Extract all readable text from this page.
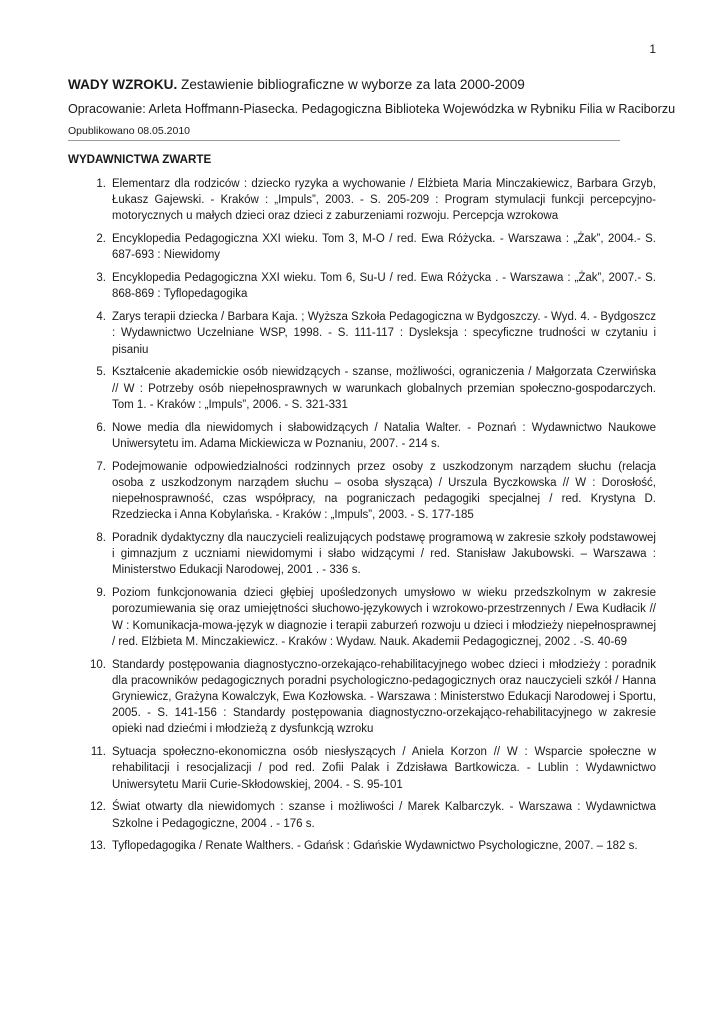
1
WADY WZROKU. Zestawienie bibliograficzne w wyborze za lata 2000-2009
Opracowanie: Arleta Hoffmann-Piasecka. Pedagogiczna Biblioteka Wojewódzka w Rybniku Filia w Raciborzu
Opublikowano 08.05.2010
WYDAWNICTWA ZWARTE
1. Elementarz dla rodziców : dziecko ryzyka a wychowanie / Elżbieta Maria Minczakiewicz, Barbara Grzyb, Łukasz Gajewski. - Kraków : „Impuls”, 2003. - S. 205-209 : Program stymulacji funkcji percepcyjno-motorycznych u małych dzieci oraz dzieci z zaburzeniami rozwoju. Percepcja wzrokowa
2. Encyklopedia Pedagogiczna XXI wieku. Tom 3, M-O / red. Ewa Różycka. - Warszawa : „Żak”, 2004.- S. 687-693 : Niewidomy
3. Encyklopedia Pedagogiczna XXI wieku. Tom 6, Su-U / red. Ewa Różycka . - Warszawa : „Żak”, 2007.- S. 868-869 : Tyflopedagogika
4. Zarys terapii dziecka / Barbara Kaja. ; Wyższa Szkoła Pedagogiczna w Bydgoszczy. - Wyd. 4. - Bydgoszcz : Wydawnictwo Uczelniane WSP, 1998. - S. 111-117 : Dysleksja : specyficzne trudności w czytaniu i pisaniu
5. Kształcenie akademickie osób niewidzących - szanse, możliwości, ograniczenia / Małgorzata Czerwińska // W : Potrzeby osób niepełnosprawnych w warunkach globalnych przemian społeczno-gospodarczych. Tom 1. - Kraków : „Impuls”, 2006. - S. 321-331
6. Nowe media dla niewidomych i słabowidzących / Natalia Walter. - Poznań : Wydawnictwo Naukowe Uniwersytetu im. Adama Mickiewicza w Poznaniu, 2007. - 214 s.
7. Podejmowanie odpowiedzialności rodzinnych przez osoby z uszkodzonym narządem słuchu (relacja osoba z uszkodzonym narządem słuchu – osoba słysząca) / Urszula Byczkowska // W : Dorosłość, niepełnosprawność, czas współpracy, na pograniczach pedagogiki specjalnej / red. Krystyna D. Rzedziecka i Anna Kobylańska. - Kraków : „Impuls”, 2003. - S. 177-185
8. Poradnik dydaktyczny dla nauczycieli realizujących podstawę programową w zakresie szkoły podstawowej i gimnazjum z uczniami niewidomymi i słabo widzącymi / red. Stanisław Jakubowski. – Warszawa : Ministerstwo Edukacji Narodowej, 2001 . - 336 s.
9. Poziom funkcjonowania dzieci głębiej upośledzonych umysłowo w wieku przedszkolnym w zakresie porozumiewania się oraz umiejętności słuchowo-językowych i wzrokowo-przestrzennych / Ewa Kudłacik // W : Komunikacja-mowa-język w diagnozie i terapii zaburzeń rozwoju u dzieci i młodzieży niepełnosprawnej / red. Elżbieta M. Minczakiewicz. - Kraków : Wydaw. Nauk. Akademii Pedagogicznej, 2002 . -S. 40-69
10. Standardy postępowania diagnostyczno-orzekająco-rehabilitacyjnego wobec dzieci i młodzieży : poradnik dla pracowników pedagogicznych poradni psychologiczno-pedagogicznych oraz nauczycieli szkół / Hanna Gryniewicz, Grażyna Kowalczyk, Ewa Kozłowska. - Warszawa : Ministerstwo Edukacji Narodowej i Sportu, 2005. - S. 141-156 : Standardy postępowania diagnostyczno-orzekająco-rehabilitacyjnego w zakresie opieki nad dziećmi i młodzieżą z dysfunkcją wzroku
11. Sytuacja społeczno-ekonomiczna osób niesłyszących / Aniela Korzon // W : Wsparcie społeczne w rehabilitacji i resocjalizacji / pod red. Zofii Palak i Zdzisława Bartkowicza. - Lublin : Wydawnictwo Uniwersytetu Marii Curie-Skłodowskiej, 2004. - S. 95-101
12. Świat otwarty dla niewidomych : szanse i możliwości / Marek Kalbarczyk. - Warszawa : Wydawnictwa Szkolne i Pedagogiczne, 2004 . - 176 s.
13. Tyflopedagogika / Renate Walthers. - Gdańsk : Gdańskie Wydawnictwo Psychologiczne, 2007. – 182 s.
